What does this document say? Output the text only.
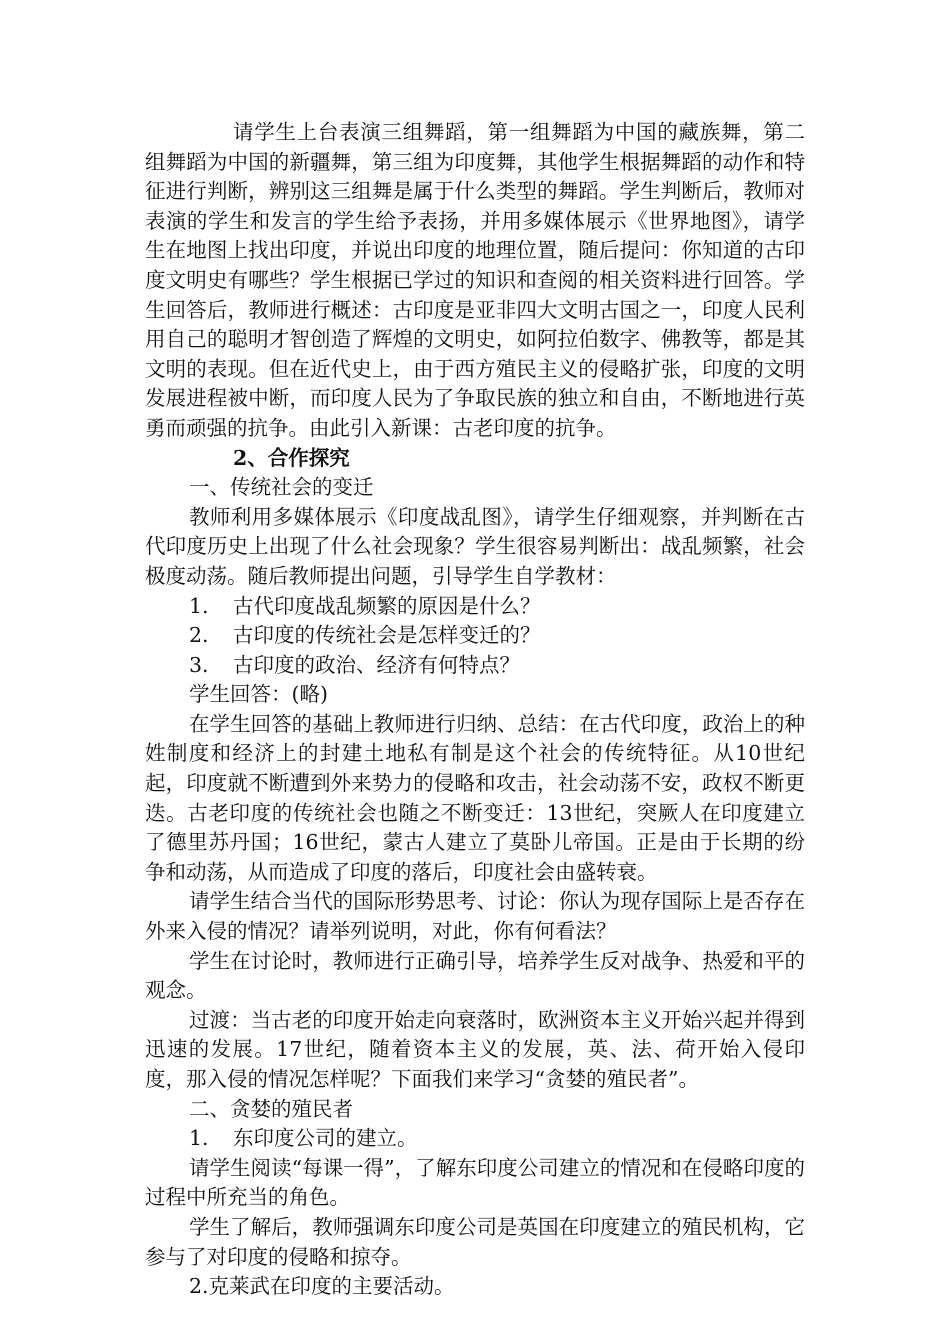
请学生上台表演三组舞蹈，第一组舞蹈为中国的藏族舞，第二组舞蹈为中国的新疆舞，第三组为印度舞，其他学生根据舞蹈的动作和特征进行判断，辨别这三组舞是属于什么类型的舞蹈。学生判断后，教师对表演的学生和发言的学生给予表扬，并用多媒体展示《世界地图》，请学生在地图上找出印度，并说出印度的地理位置，随后提问：你知道的古印度文明史有哪些？学生根据已学过的知识和查阅的相关资料进行回答。学生回答后，教师进行概述：古印度是亚非四大文明古国之一，印度人民利用自己的聪明才智创造了辉煌的文明史，如阿拉伯数字、佛教等，都是其文明的表现。但在近代史上，由于西方殖民主义的侵略扩张，印度的文明发展进程被中断，而印度人民为了争取民族的独立和自由，不断地进行英勇而顽强的抗争。由此引入新课：古老印度的抗争。

2、合作探究

一、传统社会的变迁

教师利用多媒体展示《印度战乱图》，请学生仔细观察，并判断在古代印度历史上出现了什么社会现象？学生很容易判断出：战乱频繁，社会极度动荡。随后教师提出问题，引导学生自学教材：

1. 古代印度战乱频繁的原因是什么？

2. 古印度的传统社会是怎样变迁的？

3. 古印度的政治、经济有何特点？

学生回答：(略)

在学生回答的基础上教师进行归纳、总结：在古代印度，政治上的种姓制度和经济上的封建土地私有制是这个社会的传统特征。从10世纪起，印度就不断遭到外来势力的侵略和攻击，社会动荡不安，政权不断更迭。古老印度的传统社会也随之不断变迁：13世纪，突厥人在印度建立了德里苏丹国；16世纪，蒙古人建立了莫卧儿帝国。正是由于长期的纷争和动荡，从而造成了印度的落后，印度社会由盛转衰。

请学生结合当代的国际形势思考、讨论：你认为现存国际上是否存在外来入侵的情况？请举列说明，对此，你有何看法？

学生在讨论时，教师进行正确引导，培养学生反对战争、热爱和平的观念。

过渡：当古老的印度开始走向衰落时，欧洲资本主义开始兴起并得到迅速的发展。17世纪，随着资本主义的发展，英、法、荷开始入侵印度，那入侵的情况怎样呢？下面我们来学习“贪婪的殖民者”。

二、贪婪的殖民者

1. 东印度公司的建立。

请学生阅读“每课一得”，了解东印度公司建立的情况和在侵略印度的过程中所充当的角色。

学生了解后，教师强调东印度公司是英国在印度建立的殖民机构，它参与了对印度的侵略和掠夺。

2.克莱武在印度的主要活动。
